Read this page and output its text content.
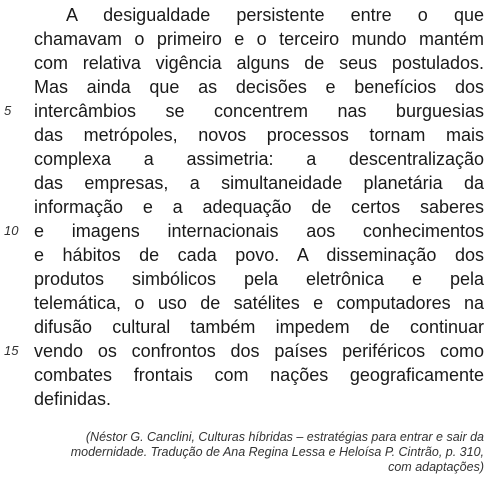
A desigualdade persistente entre o que
chamavam o primeiro e o terceiro mundo mantém
com relativa vigência alguns de seus postulados.
Mas ainda que as decisões e benefícios dos
5	intercâmbios se concentrem nas burguesias
das metrópoles, novos processos tornam mais
complexa a assimetria: a descentralização
das empresas, a simultaneidade planetária da
informação e a adequação de certos saberes
10 e imagens internacionais aos conhecimentos
e hábitos de cada povo. A disseminação dos
produtos simbólicos pela eletrônica e pela
telemática, o uso de satélites e computadores na
difusão cultural também impedem de continuar
15 vendo os confrontos dos países periféricos como
combates frontais com nações geograficamente
definidas.
(Néstor G. Canclini, Culturas híbridas – estratégias para entrar e sair da
modernidade. Tradução de Ana Regina Lessa e Heloísa P. Cintrão, p. 310,
com adaptações)
